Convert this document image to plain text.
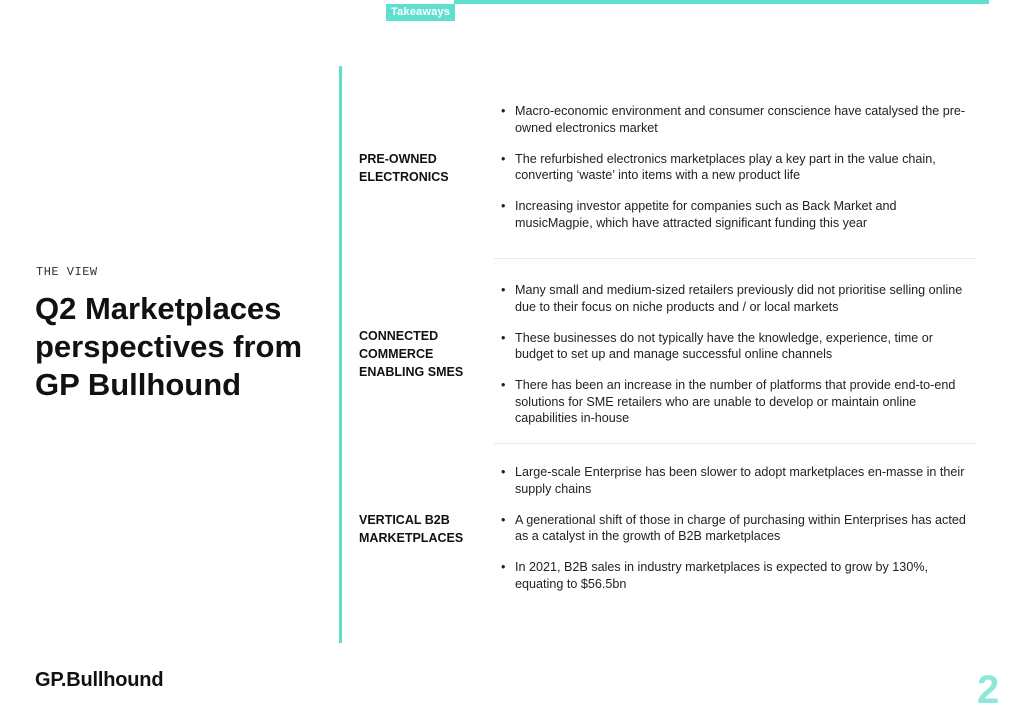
Takeaways
THE VIEW
Q2 Marketplaces perspectives from GP Bullhound
PRE-OWNED ELECTRONICS
• Macro-economic environment and consumer conscience have catalysed the pre-owned electronics market
• The refurbished electronics marketplaces play a key part in the value chain, converting ‘waste’ into items with a new product life
• Increasing investor appetite for companies such as Back Market and musicMagpie, which have attracted significant funding this year
CONNECTED COMMERCE ENABLING SMES
• Many small and medium-sized retailers previously did not prioritise selling online due to their focus on niche products and / or local markets
• These businesses do not typically have the knowledge, experience, time or budget to set up and manage successful online channels
• There has been an increase in the number of platforms that provide end-to-end solutions for SME retailers who are unable to develop or maintain online capabilities in-house
VERTICAL B2B MARKETPLACES
• Large-scale Enterprise has been slower to adopt marketplaces en-masse in their supply chains
• A generational shift of those in charge of purchasing within Enterprises has acted as a catalyst in the growth of B2B marketplaces
• In 2021, B2B sales in industry marketplaces is expected to grow by 130%, equating to $56.5bn
GP.Bullhound	2
